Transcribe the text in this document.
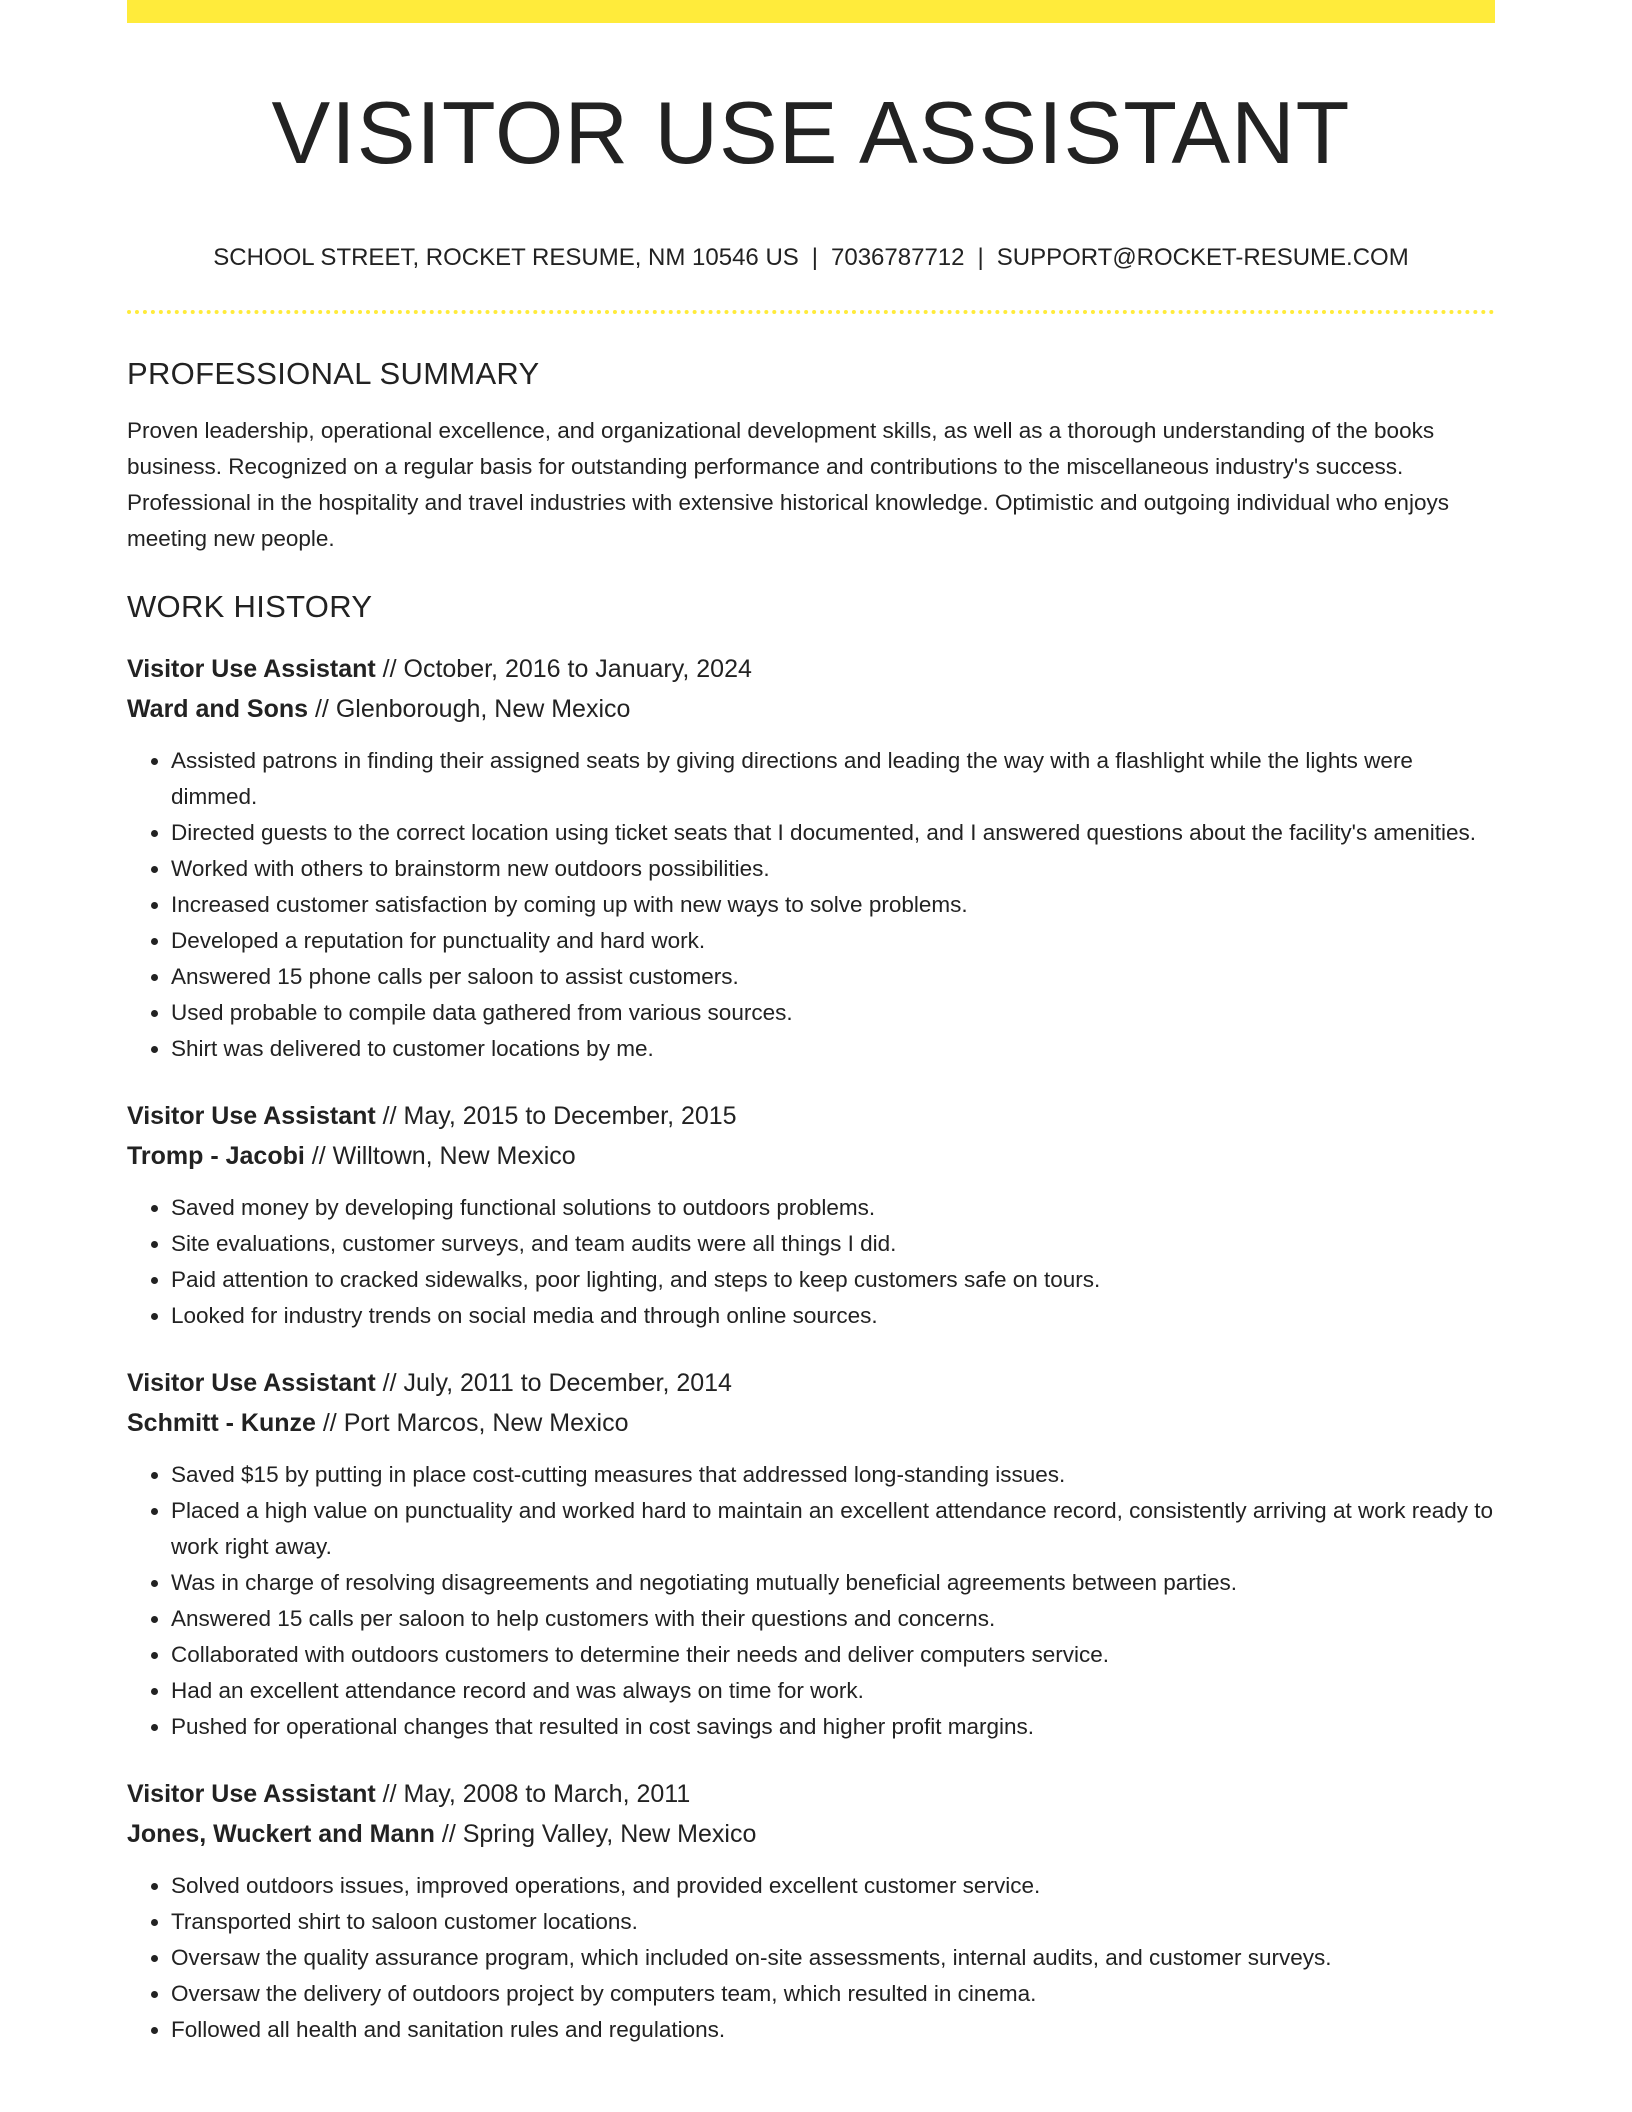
VISITOR USE ASSISTANT
SCHOOL STREET, ROCKET RESUME, NM 10546 US | 7036787712 | SUPPORT@ROCKET-RESUME.COM
PROFESSIONAL SUMMARY

Proven leadership, operational excellence, and organizational development skills, as well as a thorough understanding of the books business. Recognized on a regular basis for outstanding performance and contributions to the miscellaneous industry's success. Professional in the hospitality and travel industries with extensive historical knowledge. Optimistic and outgoing individual who enjoys meeting new people.

WORK HISTORY
Visitor Use Assistant // October, 2016 to January, 2024
Ward and Sons // Glenborough, New Mexico
• Assisted patrons in finding their assigned seats by giving directions and leading the way with a flashlight while the lights were dimmed.
• Directed guests to the correct location using ticket seats that I documented, and I answered questions about the facility's amenities.
• Worked with others to brainstorm new outdoors possibilities.
• Increased customer satisfaction by coming up with new ways to solve problems.
• Developed a reputation for punctuality and hard work.
• Answered 15 phone calls per saloon to assist customers.
• Used probable to compile data gathered from various sources.
• Shirt was delivered to customer locations by me.
Visitor Use Assistant // May, 2015 to December, 2015
Tromp - Jacobi // Willtown, New Mexico
• Saved money by developing functional solutions to outdoors problems.
• Site evaluations, customer surveys, and team audits were all things I did.
• Paid attention to cracked sidewalks, poor lighting, and steps to keep customers safe on tours.
• Looked for industry trends on social media and through online sources.
Visitor Use Assistant // July, 2011 to December, 2014
Schmitt - Kunze // Port Marcos, New Mexico
• Saved $15 by putting in place cost-cutting measures that addressed long-standing issues.
• Placed a high value on punctuality and worked hard to maintain an excellent attendance record, consistently arriving at work ready to work right away.
• Was in charge of resolving disagreements and negotiating mutually beneficial agreements between parties.
• Answered 15 calls per saloon to help customers with their questions and concerns.
• Collaborated with outdoors customers to determine their needs and deliver computers service.
• Had an excellent attendance record and was always on time for work.
• Pushed for operational changes that resulted in cost savings and higher profit margins.
Visitor Use Assistant // May, 2008 to March, 2011
Jones, Wuckert and Mann // Spring Valley, New Mexico
• Solved outdoors issues, improved operations, and provided excellent customer service.
• Transported shirt to saloon customer locations.
• Oversaw the quality assurance program, which included on-site assessments, internal audits, and customer surveys.
• Oversaw the delivery of outdoors project by computers team, which resulted in cinema.
• Followed all health and sanitation rules and regulations.
